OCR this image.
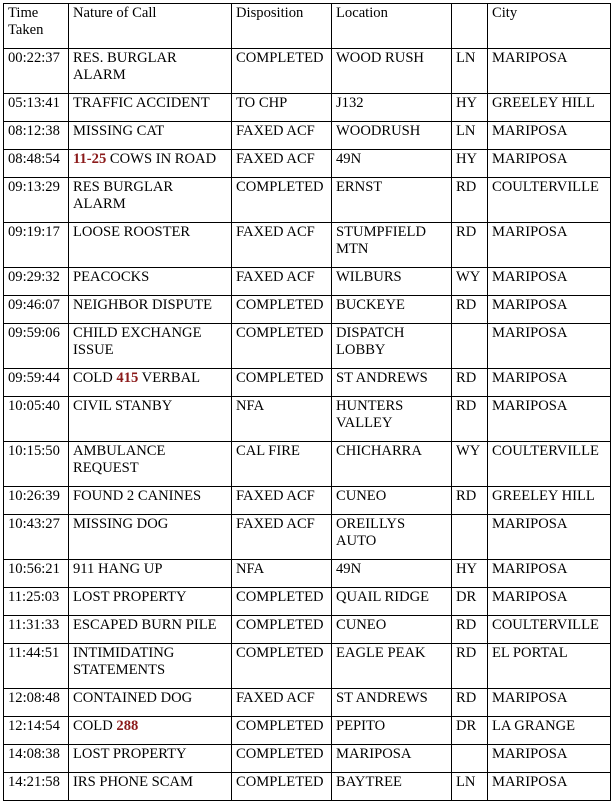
Time Taken	Nature of Call	Disposition	Location		City
00:22:37	RES. BURGLAR ALARM	COMPLETED	WOOD RUSH	LN	MARIPOSA
05:13:41	TRAFFIC ACCIDENT	TO CHP	J132	HY	GREELEY HILL
08:12:38	MISSING CAT	FAXED ACF	WOODRUSH	LN	MARIPOSA
08:48:54	11-25 COWS IN ROAD	FAXED ACF	49N	HY	MARIPOSA
09:13:29	RES BURGLAR ALARM	COMPLETED	ERNST	RD	COULTERVILLE
09:19:17	LOOSE ROOSTER	FAXED ACF	STUMPFIELD MTN	RD	MARIPOSA
09:29:32	PEACOCKS	FAXED ACF	WILBURS	WY	MARIPOSA
09:46:07	NEIGHBOR DISPUTE	COMPLETED	BUCKEYE	RD	MARIPOSA
09:59:06	CHILD EXCHANGE ISSUE	COMPLETED	DISPATCH LOBBY		MARIPOSA
09:59:44	COLD 415 VERBAL	COMPLETED	ST ANDREWS	RD	MARIPOSA
10:05:40	CIVIL STANBY	NFA	HUNTERS VALLEY	RD	MARIPOSA
10:15:50	AMBULANCE REQUEST	CAL FIRE	CHICHARRA	WY	COULTERVILLE
10:26:39	FOUND 2 CANINES	FAXED ACF	CUNEO	RD	GREELEY HILL
10:43:27	MISSING DOG	FAXED ACF	OREILLYS AUTO		MARIPOSA
10:56:21	911 HANG UP	NFA	49N	HY	MARIPOSA
11:25:03	LOST PROPERTY	COMPLETED	QUAIL RIDGE	DR	MARIPOSA
11:31:33	ESCAPED BURN PILE	COMPLETED	CUNEO	RD	COULTERVILLE
11:44:51	INTIMIDATING STATEMENTS	COMPLETED	EAGLE PEAK	RD	EL PORTAL
12:08:48	CONTAINED DOG	FAXED ACF	ST ANDREWS	RD	MARIPOSA
12:14:54	COLD 288	COMPLETED	PEPITO	DR	LA GRANGE
14:08:38	LOST PROPERTY	COMPLETED	MARIPOSA		MARIPOSA
14:21:58	IRS PHONE SCAM	COMPLETED	BAYTREE	LN	MARIPOSA
